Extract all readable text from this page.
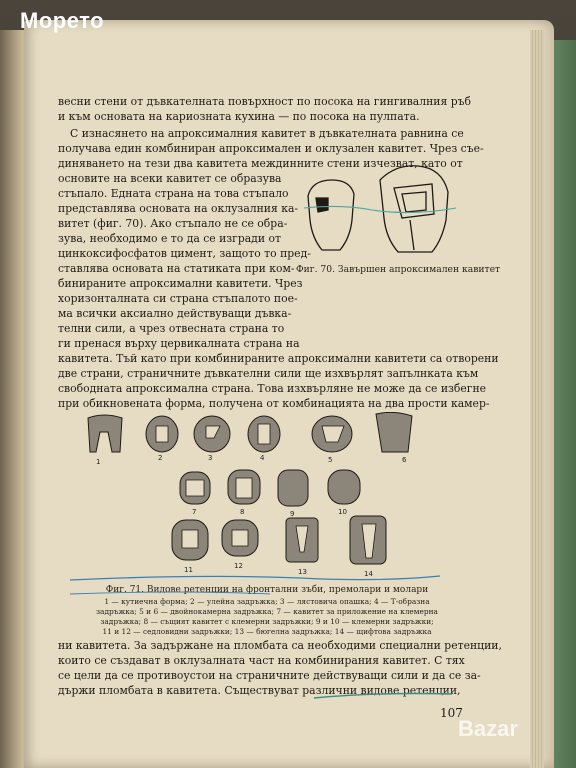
Морето
весни стени от дъвкателната повърхност по посока на гингивалния ръб
и към основата на кариозната кухина — по посока на пулпата.
С изнасянето на апроксималния кавитет в дъвкателната равнина се
получава един комбиниран апроксимален и оклузален кавитет. Чрез съе-
диняването на тези два кавитета междинните стени изчезват, като от
основите на всеки кавитет се образува
стъпало. Едната страна на това стъпало
представлява основата на оклузалния ка-
витет (фиг. 70). Ако стъпало не се обра-
зува, необходимо е то да се изгради от
цинкоксифосфатов цимент, защото то пред-
ставлява основата на статиката при ком-
бинираните апроксимални кавитети. Чрез
хоризонталната си страна стъпалото пое-
ма всички аксиално действуващи дъвка-
телни сили, а чрез отвесната страна то
ги пренася върху цервикалната страна на
Фиг. 70. Завършен апроксимален кавитет
кавитета. Тъй като при комбинираните апроксимални кавитети са отворени
две страни, страничните дъвкателни сили ще изхвърлят запълнката към
свободната апроксимална страна. Това изхвърляне не може да се избегне
при обикновената форма, получена от комбинацията на два прости камер-
1	2	3	4	5	6
7	8	9	10
11	12
13	14
Фиг. 71. Видове ретенции на фронтални зъби, премолари и молари
1 — кутиечна форма; 2 — улейна задръжка; 3 — лястовича опашка; 4 — Т-образна
задръжка; 5 и 6 — двойнокамерна задръжка; 7 — кавитет за приложение на клемерна
задръжка; 8 — същият кавитет с клемерни задръжки; 9 и 10 — клемерни задръжки;
11 и 12 — седловидни задръжки; 13 — бюгелна задръжка; 14 — щифтова задръжка
ни кавитета. За задържане на пломбата са необходими специални ретенции,
които се създават в оклузалната част на комбинирания кавитет. С тях
се цели да се противоустои на страничните действуващи сили и да се за-
държи пломбата в кавитета. Съществуват различни видове ретенции,
107
Bazar
